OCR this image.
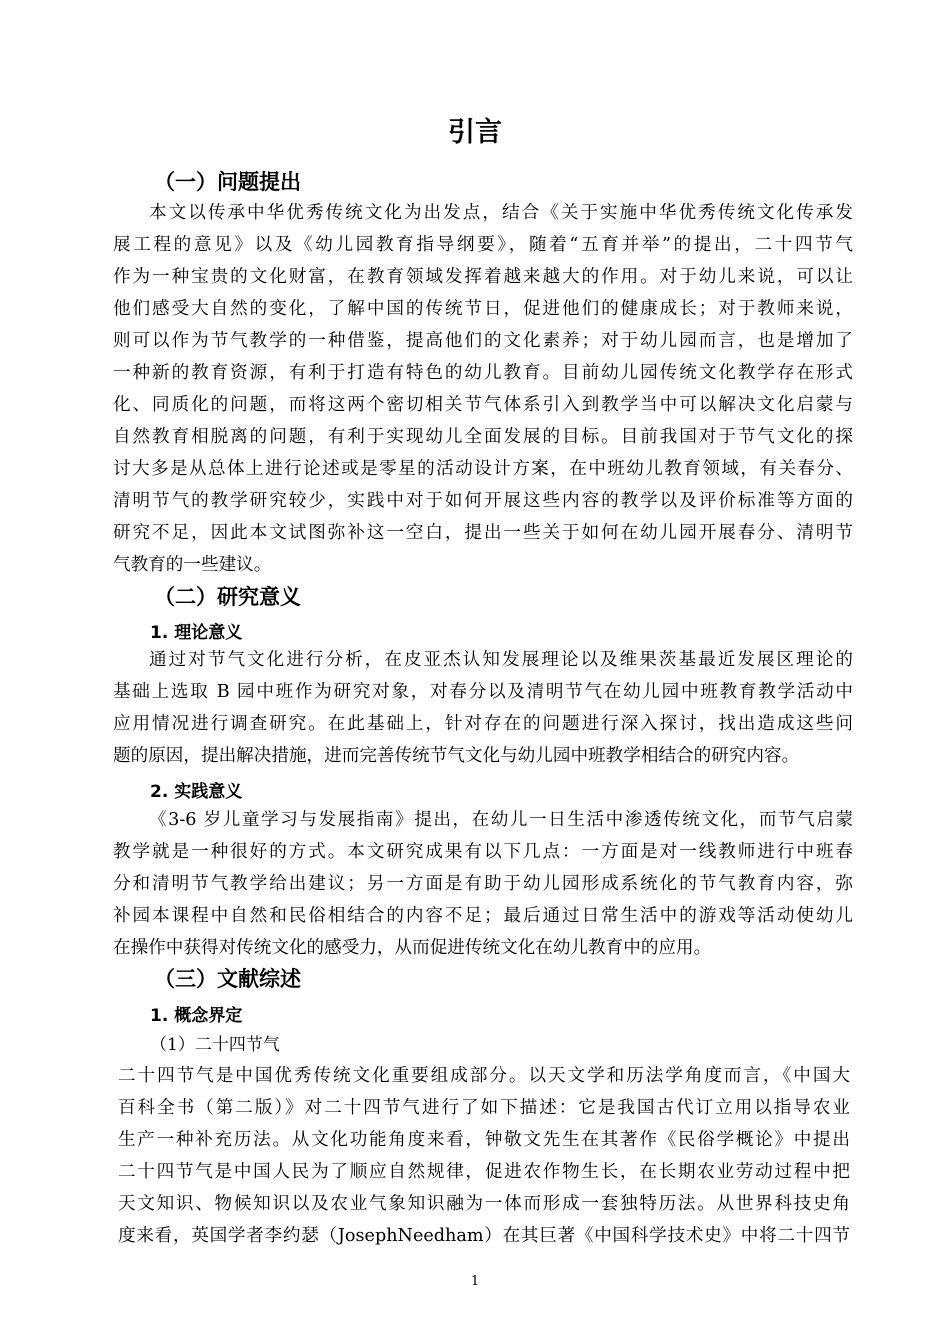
引言
（一）问题提出
本文以传承中华优秀传统文化为出发点，结合《关于实施中华优秀传统文化传承发
展工程的意见》以及《幼儿园教育指导纲要》，随着“五育并举”的提出，二十四节气
作为一种宝贵的文化财富，在教育领域发挥着越来越大的作用。对于幼儿来说，可以让
他们感受大自然的变化，了解中国的传统节日，促进他们的健康成长；对于教师来说，
则可以作为节气教学的一种借鉴，提高他们的文化素养；对于幼儿园而言，也是增加了
一种新的教育资源，有利于打造有特色的幼儿教育。目前幼儿园传统文化教学存在形式
化、同质化的问题，而将这两个密切相关节气体系引入到教学当中可以解决文化启蒙与
自然教育相脱离的问题，有利于实现幼儿全面发展的目标。目前我国对于节气文化的探
讨大多是从总体上进行论述或是零星的活动设计方案，在中班幼儿教育领域，有关春分、
清明节气的教学研究较少，实践中对于如何开展这些内容的教学以及评价标准等方面的
研究不足，因此本文试图弥补这一空白，提出一些关于如何在幼儿园开展春分、清明节
气教育的一些建议。
（二）研究意义
1. 理论意义
通过对节气文化进行分析，在皮亚杰认知发展理论以及维果茨基最近发展区理论的
基础上选取 B 园中班作为研究对象，对春分以及清明节气在幼儿园中班教育教学活动中
应用情况进行调查研究。在此基础上，针对存在的问题进行深入探讨，找出造成这些问
题的原因，提出解决措施，进而完善传统节气文化与幼儿园中班教学相结合的研究内容。
2. 实践意义
《3-6 岁儿童学习与发展指南》提出，在幼儿一日生活中渗透传统文化，而节气启蒙
教学就是一种很好的方式。本文研究成果有以下几点：一方面是对一线教师进行中班春
分和清明节气教学给出建议；另一方面是有助于幼儿园形成系统化的节气教育内容，弥
补园本课程中自然和民俗相结合的内容不足；最后通过日常生活中的游戏等活动使幼儿
在操作中获得对传统文化的感受力，从而促进传统文化在幼儿教育中的应用。
（三）文献综述
1. 概念界定
（1）二十四节气
二十四节气是中国优秀传统文化重要组成部分。以天文学和历法学角度而言，《中国大
百科全书（第二版）》对二十四节气进行了如下描述：它是我国古代订立用以指导农业
生产一种补充历法。从文化功能角度来看，钟敬文先生在其著作《民俗学概论》中提出
二十四节气是中国人民为了顺应自然规律，促进农作物生长，在长期农业劳动过程中把
天文知识、物候知识以及农业气象知识融为一体而形成一套独特历法。从世界科技史角
度来看，英国学者李约瑟（JosephNeedham）在其巨著《中国科学技术史》中将二十四节
1
